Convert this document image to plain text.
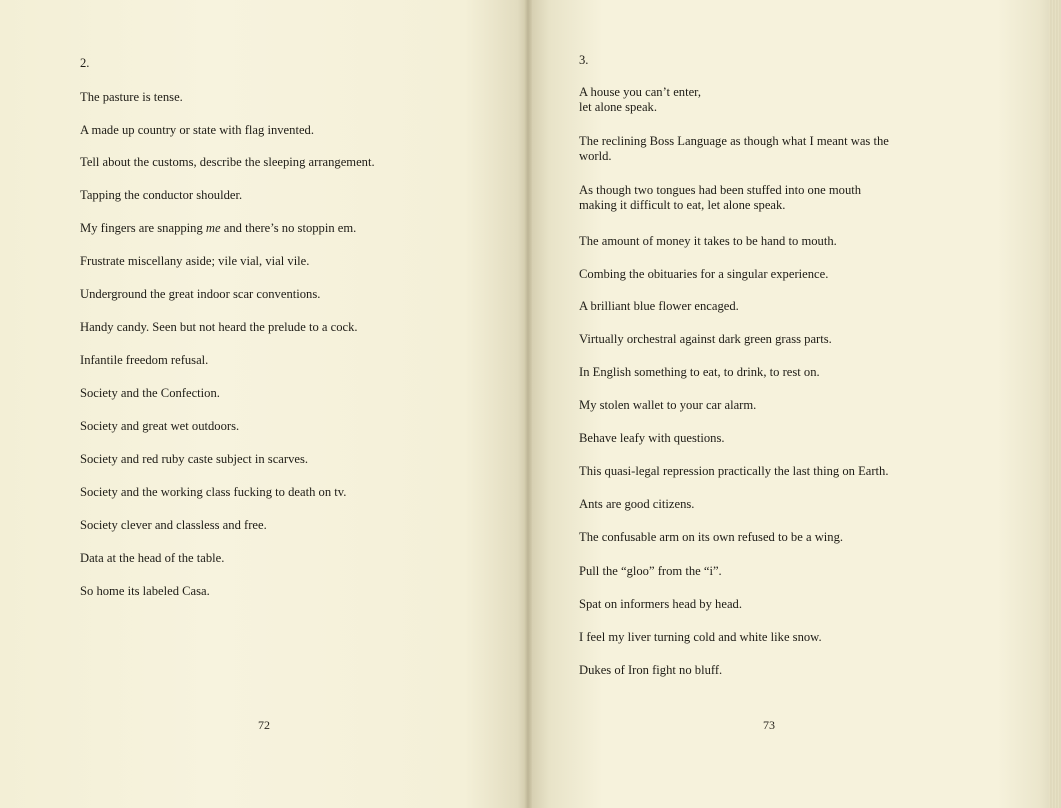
2.
The pasture is tense.
A made up country or state with flag invented.
Tell about the customs, describe the sleeping arrangement.
Tapping the conductor shoulder.
My fingers are snapping me and there’s no stoppin em.
Frustrate miscellany aside; vile vial, vial vile.
Underground the great indoor scar conventions.
Handy candy. Seen but not heard the prelude to a cock.
Infantile freedom refusal.
Society and the Confection.
Society and great wet outdoors.
Society and red ruby caste subject in scarves.
Society and the working class fucking to death on tv.
Society clever and classless and free.
Data at the head of the table.
So home its labeled Casa.
72
3.
A house you can’t enter,
let alone speak.
The reclining Boss Language as though what I meant was the
world.
As though two tongues had been stuffed into one mouth
making it difficult to eat, let alone speak.
The amount of money it takes to be hand to mouth.
Combing the obituaries for a singular experience.
A brilliant blue flower encaged.
Virtually orchestral against dark green grass parts.
In English something to eat, to drink, to rest on.
My stolen wallet to your car alarm.
Behave leafy with questions.
This quasi-legal repression practically the last thing on Earth.
Ants are good citizens.
The confusable arm on its own refused to be a wing.
Pull the “gloo” from the “i”.
Spat on informers head by head.
I feel my liver turning cold and white like snow.
Dukes of Iron fight no bluff.
73
